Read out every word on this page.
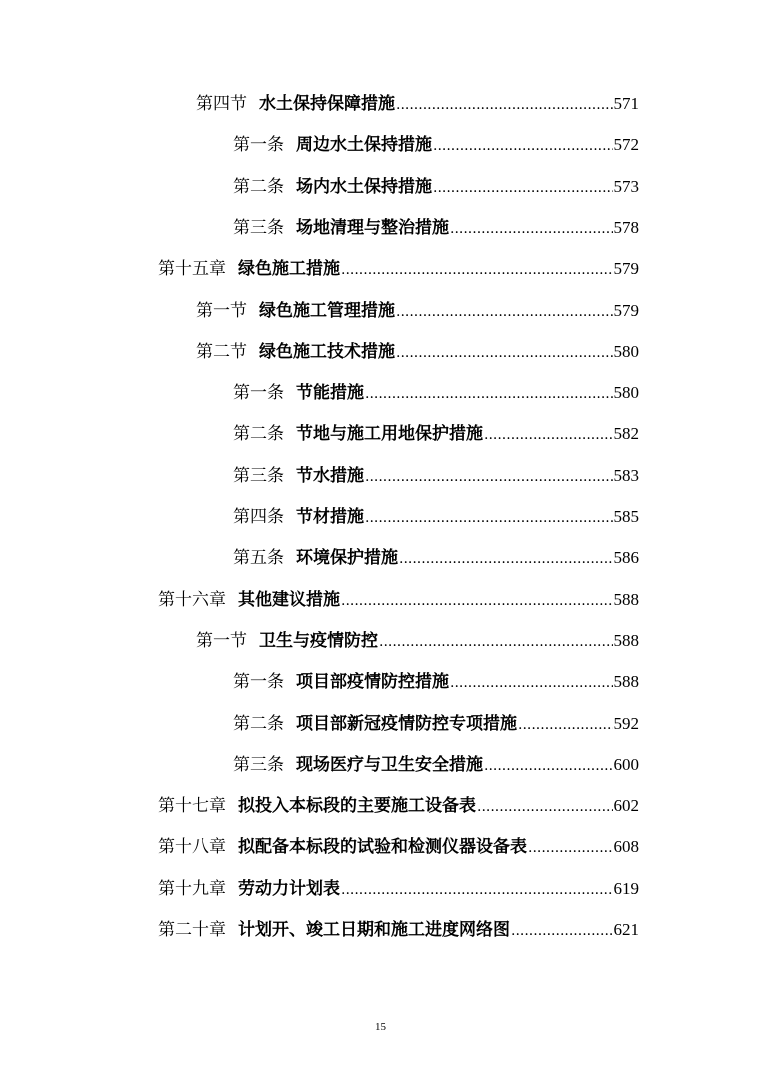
第四节 水土保持保障措施 .....	571
第一条 周边水土保持措施 .....	572
第二条 场内水土保持措施 .....	573
第三条 场地清理与整治措施 .....	578
第十五章 绿色施工措施 .....	579
第一节 绿色施工管理措施 .....	579
第二节 绿色施工技术措施 .....	580
第一条 节能措施 .....	580
第二条 节地与施工用地保护措施 .....	582
第三条 节水措施 .....	583
第四条 节材措施 .....	585
第五条 环境保护措施 .....	586
第十六章 其他建议措施 .....	588
第一节 卫生与疫情防控 .....	588
第一条 项目部疫情防控措施 .....	588
第二条 项目部新冠疫情防控专项措施 .....	592
第三条 现场医疗与卫生安全措施 .....	600
第十七章 拟投入本标段的主要施工设备表 .....	602
第十八章 拟配备本标段的试验和检测仪器设备表 .....	608
第十九章 劳动力计划表 .....	619
第二十章 计划开、竣工日期和施工进度网络图 .....	621
15
